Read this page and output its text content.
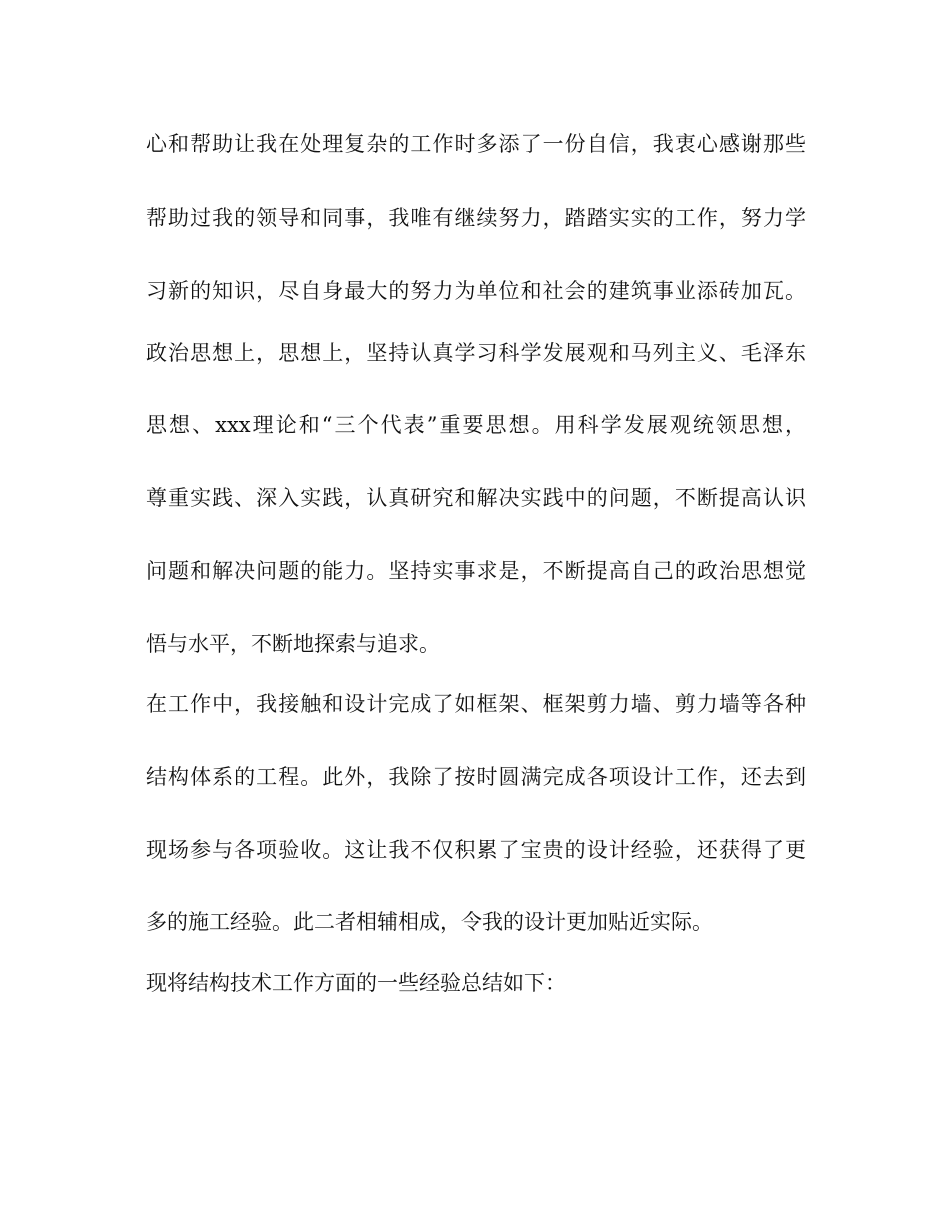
心和帮助让我在处理复杂的工作时多添了一份自信，我衷心感谢那些
帮助过我的领导和同事，我唯有继续努力，踏踏实实的工作，努力学
习新的知识，尽自身最大的努力为单位和社会的建筑事业添砖加瓦。
政治思想上，思想上，坚持认真学习科学发展观和马列主义、毛泽东
思想、xxx理论和“三个代表”重要思想。用科学发展观统领思想，
尊重实践、深入实践，认真研究和解决实践中的问题，不断提高认识
问题和解决问题的能力。坚持实事求是，不断提高自己的政治思想觉
悟与水平，不断地探索与追求。
在工作中，我接触和设计完成了如框架、框架剪力墙、剪力墙等各种
结构体系的工程。此外，我除了按时圆满完成各项设计工作，还去到
现场参与各项验收。这让我不仅积累了宝贵的设计经验，还获得了更
多的施工经验。此二者相辅相成，令我的设计更加贴近实际。
现将结构技术工作方面的一些经验总结如下：
